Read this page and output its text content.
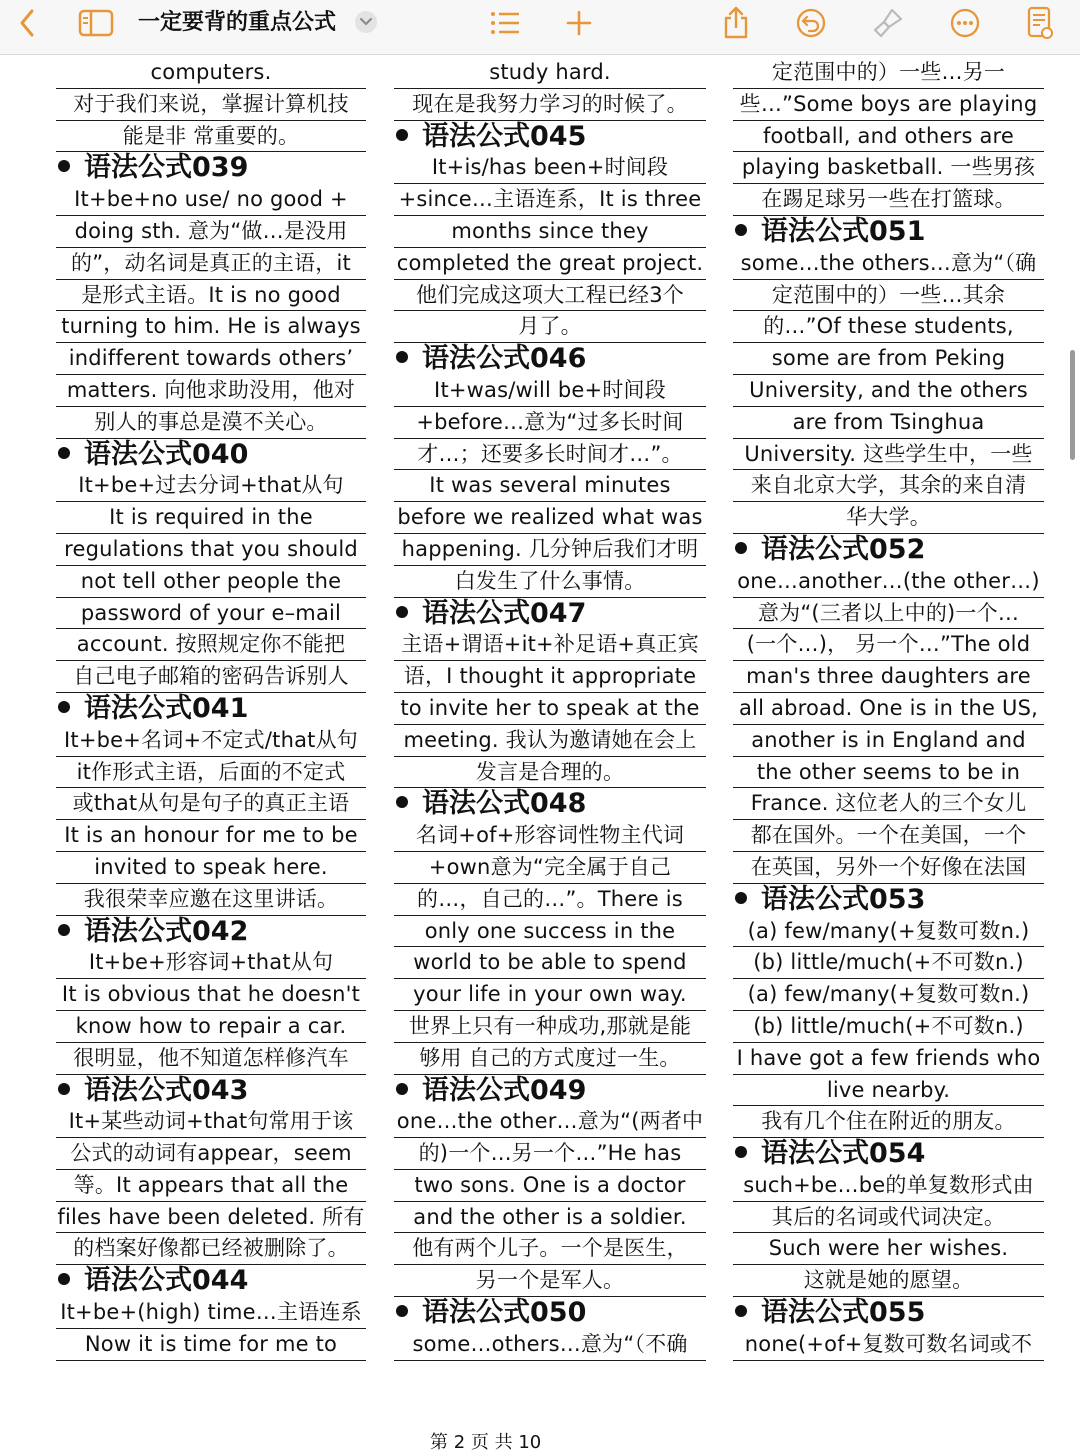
一定要背的重点公式
computers.
对于我们来说，掌握计算机技
能是非 常重要的。
语法公式039
It+be+no use/ no good +
doing sth. 意为“做…是没用
的”，动名词是真正的主语，it
是形式主语。It is no good
turning to him. He is always
indifferent towards others’
matters. 向他求助没用，他对
别人的事总是漠不关心。
语法公式040
It+be+过去分词+that从句
It is required in the
regulations that you should
not tell other people the
password of your e–mail
account. 按照规定你不能把
自己电子邮箱的密码告诉别人
语法公式041
It+be+名词+不定式/that从句
it作形式主语，后面的不定式
或that从句是句子的真正主语
It is an honour for me to be
invited to speak here.
我很荣幸应邀在这里讲话。
语法公式042
It+be+形容词+that从句
It is obvious that he doesn't
know how to repair a car.
很明显，他不知道怎样修汽车
语法公式043
It+某些动词+that句常用于该
公式的动词有appear，seem
等。It appears that all the
files have been deleted. 所有
的档案好像都已经被删除了。
语法公式044
It+be+(high) time…主语连系
Now it is time for me to
study hard.
现在是我努力学习的时候了。
语法公式045
It+is/has been+时间段
+since…主语连系，It is three
months since they
completed the great project.
他们完成这项大工程已经3个
月了。
语法公式046
It+was/will be+时间段
+before…意为“过多长时间
才…；还要多长时间才…”。
It was several minutes
before we realized what was
happening. 几分钟后我们才明
白发生了什么事情。
语法公式047
主语+谓语+it+补足语+真正宾
语，I thought it appropriate
to invite her to speak at the
meeting. 我认为邀请她在会上
发言是合理的。
语法公式048
名词+of+形容词性物主代词
+own意为“完全属于自己
的…，自己的…”。There is
only one success in the
world to be able to spend
your life in your own way.
世界上只有一种成功,那就是能
够用 自己的方式度过一生。
语法公式049
one…the other…意为“(两者中
的)一个…另一个…”He has
two sons. One is a doctor
and the other is a soldier.
他有两个儿子。一个是医生，
另一个是军人。
语法公式050
some…others…意为“（不确
定范围中的）一些…另一
些…”Some boys are playing
football, and others are
playing basketball. 一些男孩
在踢足球另一些在打篮球。
语法公式051
some…the others…意为“（确
定范围中的）一些…其余
的…”Of these students,
some are from Peking
University, and the others
are from Tsinghua
University. 这些学生中，一些
来自北京大学，其余的来自清
华大学。
语法公式052
one…another…(the other…)
意为“(三者以上中的)一个…
(一个…)， 另一个…”The old
man's three daughters are
all abroad. One is in the US,
another is in England and
the other seems to be in
France. 这位老人的三个女儿
都在国外。一个在美国，一个
在英国，另外一个好像在法国
语法公式053
(a) few/many(+复数可数n.)
(b) little/much(+不可数n.)
(a) few/many(+复数可数n.)
(b) little/much(+不可数n.)
I have got a few friends who
live nearby.
我有几个住在附近的朋友。
语法公式054
such+be…be的单复数形式由
其后的名词或代词决定。
Such were her wishes.
这就是她的愿望。
语法公式055
none(+of+复数可数名词或不
第 2 页 共 10
